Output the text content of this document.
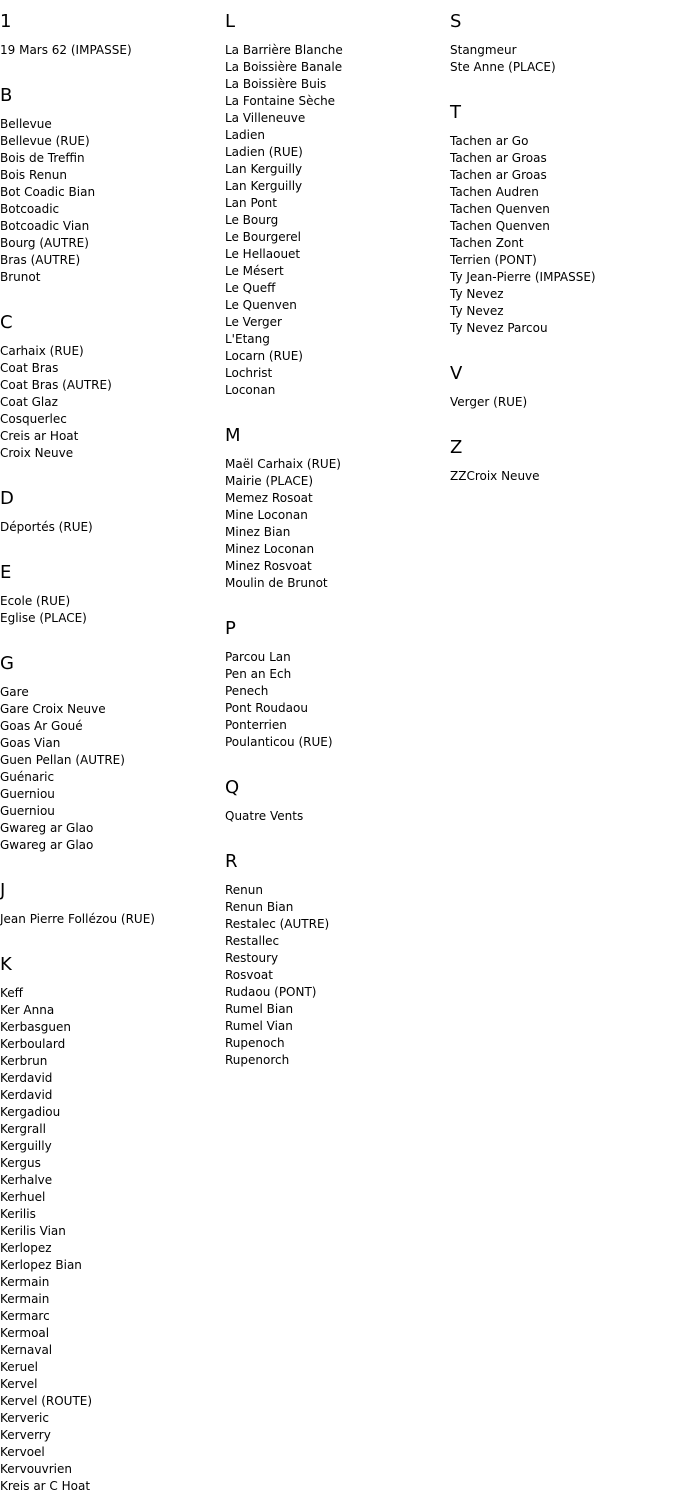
1
19 Mars 62 (IMPASSE)
B
Bellevue
Bellevue (RUE)
Bois de Treffin
Bois Renun
Bot Coadic Bian
Botcoadic
Botcoadic Vian
Bourg (AUTRE)
Bras (AUTRE)
Brunot
C
Carhaix (RUE)
Coat Bras
Coat Bras (AUTRE)
Coat Glaz
Cosquerlec
Creis ar Hoat
Croix Neuve
D
Déportés (RUE)
E
Ecole (RUE)
Eglise (PLACE)
G
Gare
Gare Croix Neuve
Goas Ar Goué
Goas Vian
Guen Pellan (AUTRE)
Guénaric
Guerniou
Guerniou
Gwareg ar Glao
Gwareg ar Glao
J
Jean Pierre Follézou (RUE)
K
Keff
Ker Anna
Kerbasguen
Kerboulard
Kerbrun
Kerdavid
Kerdavid
Kergadiou
Kergrall
Kerguilly
Kergus
Kerhalve
Kerhuel
Kerilis
Kerilis Vian
Kerlopez
Kerlopez Bian
Kermain
Kermain
Kermarc
Kermoal
Kernaval
Keruel
Kervel
Kervel (ROUTE)
Kerveric
Kerverry
Kervoel
Kervouvrien
Kreis ar C Hoat
L
La Barrière Blanche
La Boissière Banale
La Boissière Buis
La Fontaine Sèche
La Villeneuve
Ladien
Ladien (RUE)
Lan Kerguilly
Lan Kerguilly
Lan Pont
Le Bourg
Le Bourgerel
Le Hellaouet
Le Mésert
Le Queff
Le Quenven
Le Verger
L'Etang
Locarn (RUE)
Lochrist
Loconan
M
Maël Carhaix (RUE)
Mairie (PLACE)
Memez Rosoat
Mine Loconan
Minez Bian
Minez Loconan
Minez Rosvoat
Moulin de Brunot
P
Parcou Lan
Pen an Ech
Penech
Pont Roudaou
Ponterrien
Poulanticou (RUE)
Q
Quatre Vents
R
Renun
Renun Bian
Restalec (AUTRE)
Restallec
Restoury
Rosvoat
Rudaou (PONT)
Rumel Bian
Rumel Vian
Rupenoch
Rupenorch
S
Stangmeur
Ste Anne (PLACE)
T
Tachen ar Go
Tachen ar Groas
Tachen ar Groas
Tachen Audren
Tachen Quenven
Tachen Quenven
Tachen Zont
Terrien (PONT)
Ty Jean-Pierre (IMPASSE)
Ty Nevez
Ty Nevez
Ty Nevez Parcou
V
Verger (RUE)
Z
ZZCroix Neuve
